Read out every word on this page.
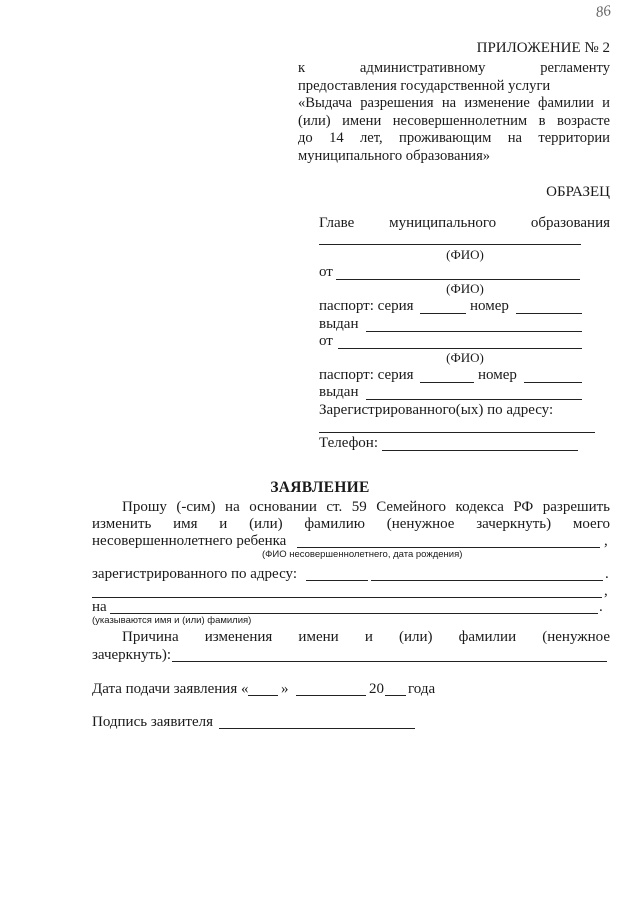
86
ПРИЛОЖЕНИЕ № 2
к административному регламенту
предоставления государственной услуги
«Выдача разрешения на изменение фамилии и
(или) имени несовершеннолетним в возрасте
до 14 лет, проживающим на территории
муниципального образования»
ОБРАЗЕЦ
Главе муниципального образования
(ФИО)
от
(ФИО)
паспорт: серия	номер
выдан
от
(ФИО)
паспорт: серия	номер
выдан
Зарегистрированного(ых) по адресу:
Телефон:
ЗАЯВЛЕНИЕ
Прошу (-сим) на основании ст. 59 Семейного кодекса РФ разрешить
изменить имя и (или) фамилию (ненужное зачеркнуть) моего
несовершеннолетнего ребенка	,
(ФИО несовершеннолетнего, дата рождения)
зарегистрированного по адресу:	.
,
на	.
(указываются имя и (или) фамилия)
Причина изменения имени и (или) фамилии (ненужное
зачеркнуть):
Дата подачи заявления « »	20 года
Подпись заявителя
